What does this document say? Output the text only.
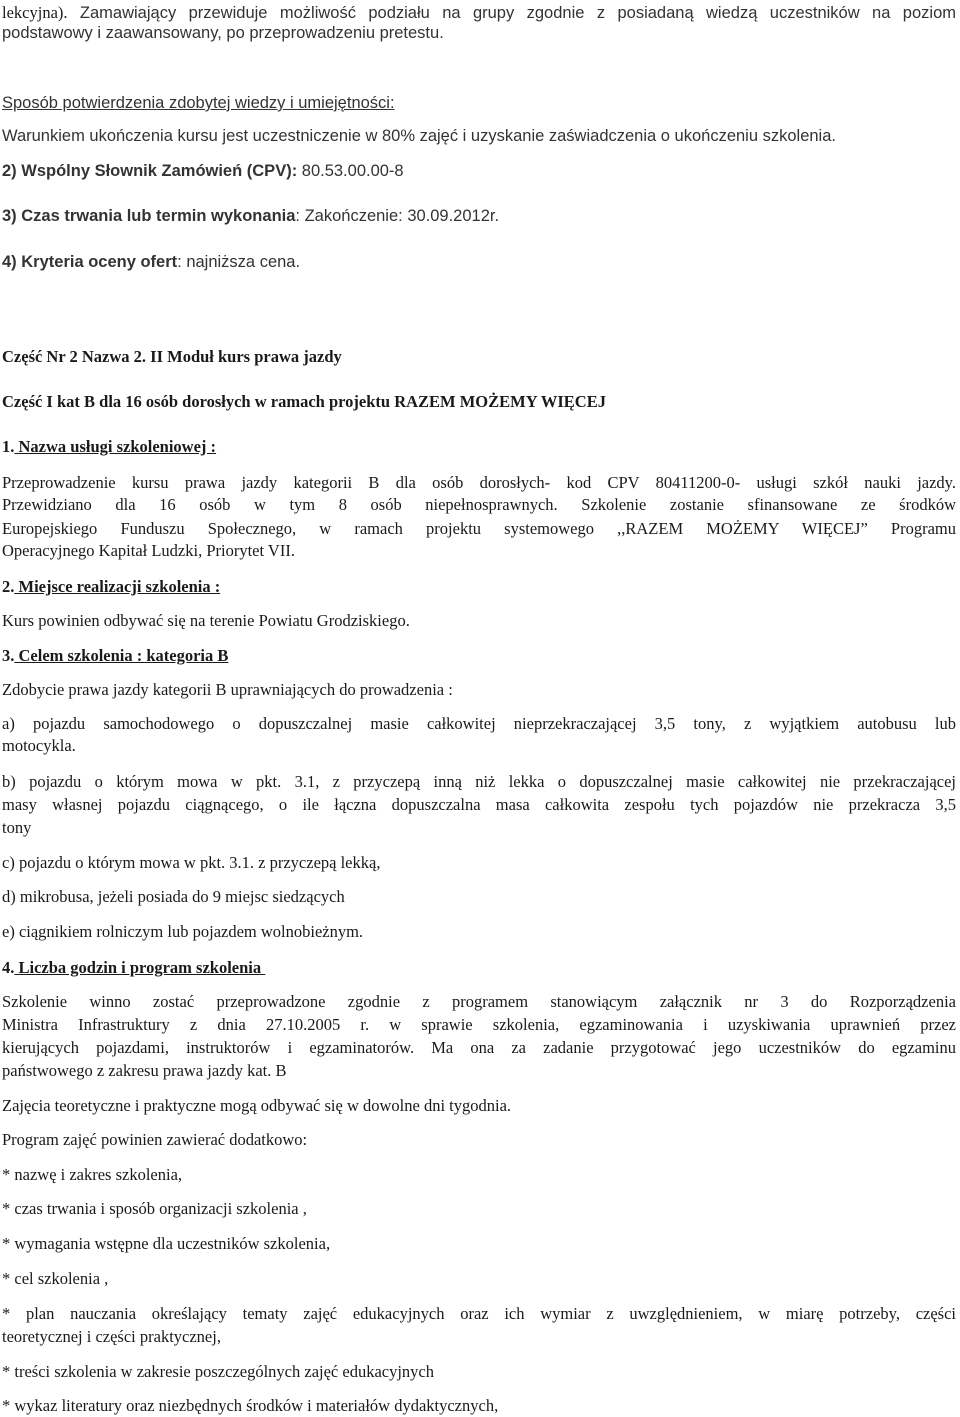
lekcyjna). Zamawiający przewiduje możliwość podziału na grupy zgodnie z posiadaną wiedzą uczestników na poziom
podstawowy i zaawansowany, po przeprowadzeniu pretestu.
Sposób potwierdzenia zdobytej wiedzy i umiejętności:
Warunkiem ukończenia kursu jest uczestniczenie w 80% zajęć i uzyskanie zaświadczenia o ukończeniu szkolenia.
2) Wspólny Słownik Zamówień (CPV): 80.53.00.00-8
3) Czas trwania lub termin wykonania: Zakończenie: 30.09.2012r.
4) Kryteria oceny ofert: najniższa cena.
Część Nr 2 Nazwa 2. II Moduł kurs prawa jazdy
Część I kat B dla 16 osób dorosłych w ramach projektu RAZEM MOŻEMY WIĘCEJ
1. Nazwa usługi szkoleniowej :
Przeprowadzenie kursu prawa jazdy kategorii B dla osób dorosłych- kod CPV 80411200-0- usługi szkół nauki jazdy.
Przewidziano dla 16 osób w tym 8 osób niepełnosprawnych. Szkolenie zostanie sfinansowane ze środków
Europejskiego Funduszu Społecznego, w ramach projektu systemowego ,,RAZEM MOŻEMY WIĘCEJ” Programu
Operacyjnego Kapitał Ludzki, Priorytet VII.
2. Miejsce realizacji szkolenia :
Kurs powinien odbywać się na terenie Powiatu Grodziskiego.
3. Celem szkolenia : kategoria B
Zdobycie prawa jazdy kategorii B uprawniających do prowadzenia :
a) pojazdu samochodowego o dopuszczalnej masie całkowitej nieprzekraczającej 3,5 tony, z wyjątkiem autobusu lub
motocykla.
b) pojazdu o którym mowa w pkt. 3.1, z przyczepą inną niż lekka o dopuszczalnej masie całkowitej nie przekraczającej
masy własnej pojazdu ciągnącego, o ile łączna dopuszczalna masa całkowita zespołu tych pojazdów nie przekracza 3,5
tony
c) pojazdu o którym mowa w pkt. 3.1. z przyczepą lekką,
d) mikrobusa, jeżeli posiada do 9 miejsc siedzących
e) ciągnikiem rolniczym lub pojazdem wolnobieżnym.
4. Liczba godzin i program szkolenia
Szkolenie winno zostać przeprowadzone zgodnie z programem stanowiącym załącznik nr 3 do Rozporządzenia
Ministra Infrastruktury z dnia 27.10.2005 r. w sprawie szkolenia, egzaminowania i uzyskiwania uprawnień przez
kierujących pojazdami, instruktorów i egzaminatorów. Ma ona za zadanie przygotować jego uczestników do egzaminu
państwowego z zakresu prawa jazdy kat. B
Zajęcia teoretyczne i praktyczne mogą odbywać się w dowolne dni tygodnia.
Program zajęć powinien zawierać dodatkowo:
* nazwę i zakres szkolenia,
* czas trwania i sposób organizacji szkolenia ,
* wymagania wstępne dla uczestników szkolenia,
* cel szkolenia ,
* plan nauczania określający tematy zajęć edukacyjnych oraz ich wymiar z uwzględnieniem, w miarę potrzeby, części
teoretycznej i części praktycznej,
* treści szkolenia w zakresie poszczególnych zajęć edukacyjnych
* wykaz literatury oraz niezbędnych środków i materiałów dydaktycznych,
